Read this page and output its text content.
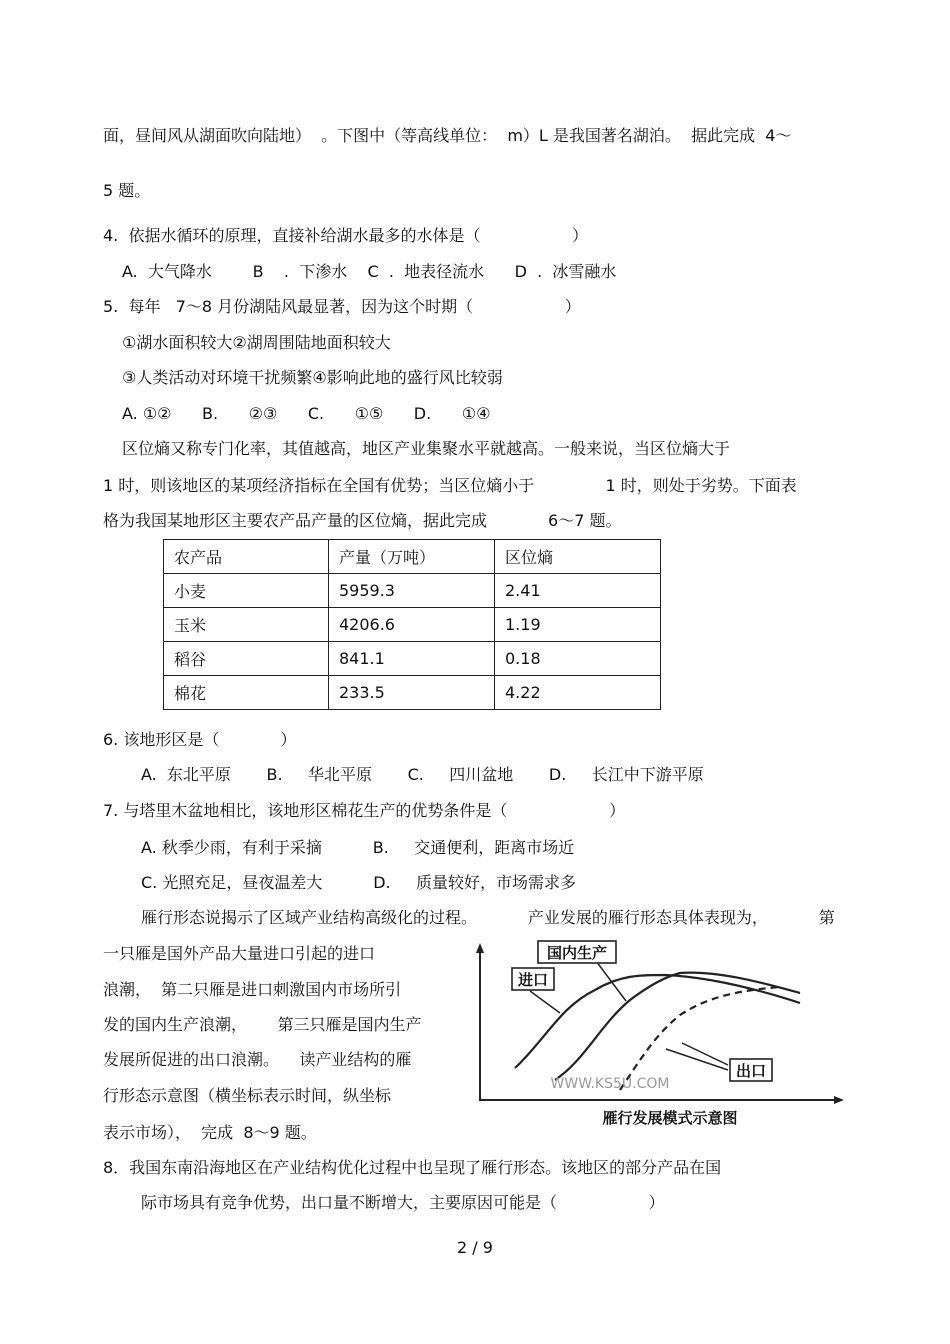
面，昼间风从湖面吹向陆地）  。下图中（等高线单位：  m）L 是我国著名湖泊。  据此完成  4～
5 题。
4.  依据水循环的原理，直接补给湖水最多的水体是（                  ）
A.  大气降水        B    .  下渗水    C  .  地表径流水      D  .  冰雪融水
5.  每年   7～8 月份湖陆风最显著，因为这个时期（                  ）
①湖水面积较大②湖周围陆地面积较大
③人类活动对环境干扰频繁④影响此地的盛行风比较弱
A. ①②      B.      ②③      C.      ①⑤      D.      ①④
区位熵又称专门化率，其值越高，地区产业集聚水平就越高。一般来说，当区位熵大于
1 时，则该地区的某项经济指标在全国有优势；当区位熵小于              1 时，则处于劣势。下面表
格为我国某地形区主要农产品产量的区位熵，据此完成            6～7 题。
农产品	产量（万吨）	区位熵
小麦	5959.3	2.41
玉米	4206.6	1.19
稻谷	841.1	0.18
棉花	233.5	4.22
6. 该地形区是（            ）
A.  东北平原       B.     华北平原       C.     四川盆地       D.     长江中下游平原
7. 与塔里木盆地相比，该地形区棉花生产的优势条件是（                    ）
A. 秋季少雨，有利于采摘          B.     交通便利，距离市场近
C. 光照充足，昼夜温差大          D.     质量较好，市场需求多
雁行形态说揭示了区域产业结构高级化的过程。          产业发展的雁行形态具体表现为，          第
一只雁是国外产品大量进口引起的进口
浪潮，  第二只雁是进口刺激国内市场所引
发的国内生产浪潮，      第三只雁是国内生产
发展所促进的出口浪潮。    读产业结构的雁
行形态示意图（横坐标表示时间，纵坐标
表示市场），  完成  8～9 题。
国内生产
进口
出口
WWW.KS5U.COM
雁行发展模式示意图
8．我国东南沿海地区在产业结构优化过程中也呈现了雁行形态。该地区的部分产品在国
际市场具有竞争优势，出口量不断增大，主要原因可能是（                  ）
2 / 9
